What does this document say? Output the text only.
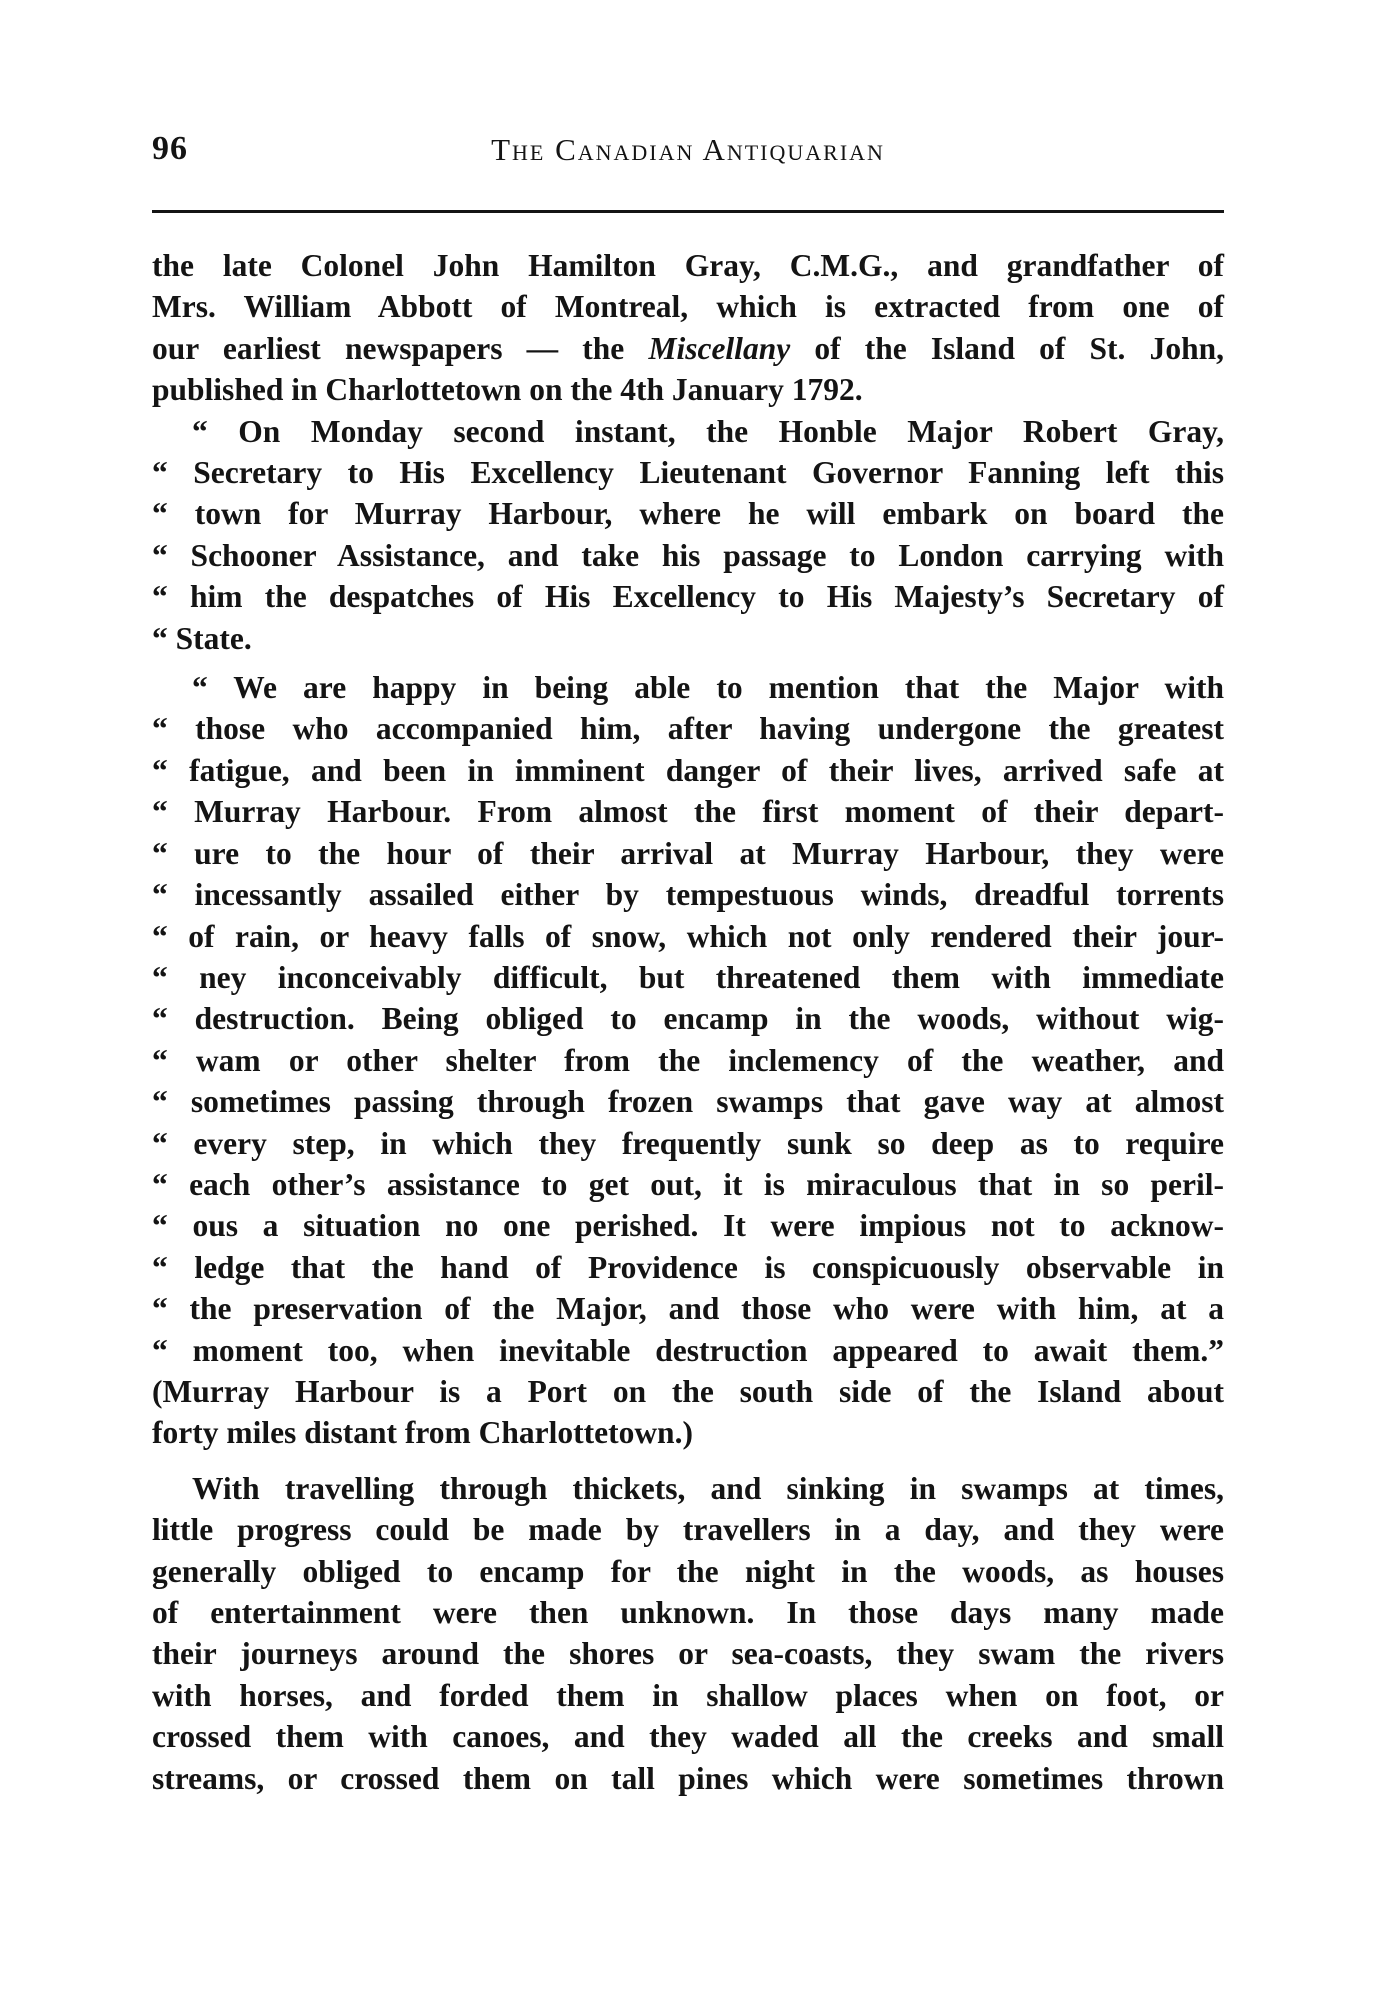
96	The Canadian Antiquarian

the late Colonel John Hamilton Gray, C.M.G., and grandfather of
Mrs. William Abbott of Montreal, which is extracted from one of
our earliest newspapers — the Miscellany of the Island of St. John,
published in Charlottetown on the 4th January 1792.

“ On Monday second instant, the Honble Major Robert Gray,
“ Secretary to His Excellency Lieutenant Governor Fanning left this
“ town for Murray Harbour, where he will embark on board the
“ Schooner Assistance, and take his passage to London carrying with
“ him the despatches of His Excellency to His Majesty’s Secretary of
“ State.

“ We are happy in being able to mention that the Major with
“ those who accompanied him, after having undergone the greatest
“ fatigue, and been in imminent danger of their lives, arrived safe at
“ Murray Harbour. From almost the first moment of their depart-
“ ure to the hour of their arrival at Murray Harbour, they were
“ incessantly assailed either by tempestuous winds, dreadful torrents
“ of rain, or heavy falls of snow, which not only rendered their jour-
“ ney inconceivably difficult, but threatened them with immediate
“ destruction. Being obliged to encamp in the woods, without wig-
“ wam or other shelter from the inclemency of the weather, and
“ sometimes passing through frozen swamps that gave way at almost
“ every step, in which they frequently sunk so deep as to require
“ each other’s assistance to get out, it is miraculous that in so peril-
“ ous a situation no one perished. It were impious not to acknow-
“ ledge that the hand of Providence is conspicuously observable in
“ the preservation of the Major, and those who were with him, at a
“ moment too, when inevitable destruction appeared to await them.”
(Murray Harbour is a Port on the south side of the Island about
forty miles distant from Charlottetown.)

With travelling through thickets, and sinking in swamps at times,
little progress could be made by travellers in a day, and they were
generally obliged to encamp for the night in the woods, as houses
of entertainment were then unknown. In those days many made
their journeys around the shores or sea-coasts, they swam the rivers
with horses, and forded them in shallow places when on foot, or
crossed them with canoes, and they waded all the creeks and small
streams, or crossed them on tall pines which were sometimes thrown
